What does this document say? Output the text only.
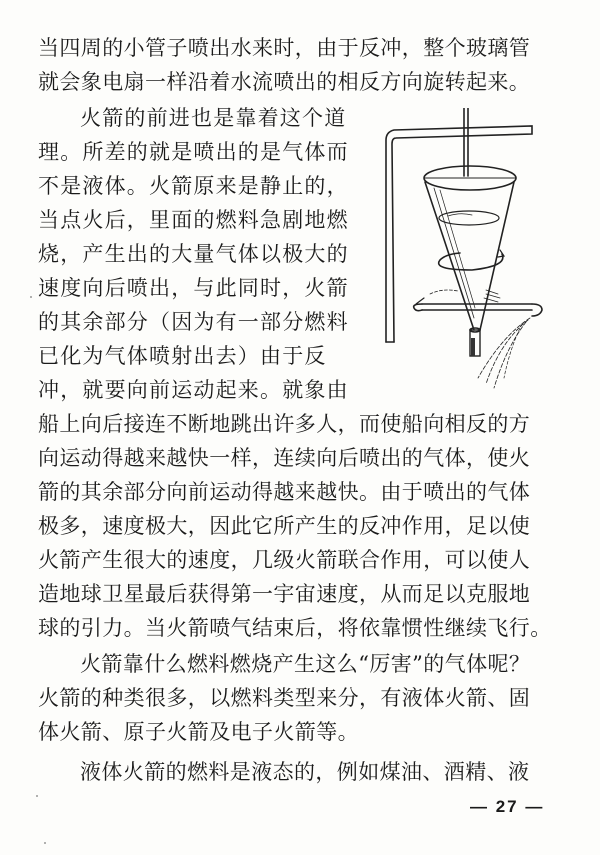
当四周的小管子喷出水来时，由于反冲，整个玻璃管
就会象电扇一样沿着水流喷出的相反方向旋转起来。
火箭的前进也是靠着这个道
理。所差的就是喷出的是气体而
不是液体。火箭原来是静止的，
当点火后，里面的燃料急剧地燃
烧，产生出的大量气体以极大的
速度向后喷出，与此同时，火箭
的其余部分（因为有一部分燃料
已化为气体喷射出去）由于反
冲，就要向前运动起来。就象由
船上向后接连不断地跳出许多人，而使船向相反的方
向运动得越来越快一样，连续向后喷出的气体，使火
箭的其余部分向前运动得越来越快。由于喷出的气体
极多，速度极大，因此它所产生的反冲作用，足以使
火箭产生很大的速度，几级火箭联合作用，可以使人
造地球卫星最后获得第一宇宙速度，从而足以克服地
球的引力。当火箭喷气结束后，将依靠惯性继续飞行。
火箭靠什么燃料燃烧产生这么“厉害”的气体呢？
火箭的种类很多，以燃料类型来分，有液体火箭、固
体火箭、原子火箭及电子火箭等。
液体火箭的燃料是液态的，例如煤油、酒精、液
— 27 —
